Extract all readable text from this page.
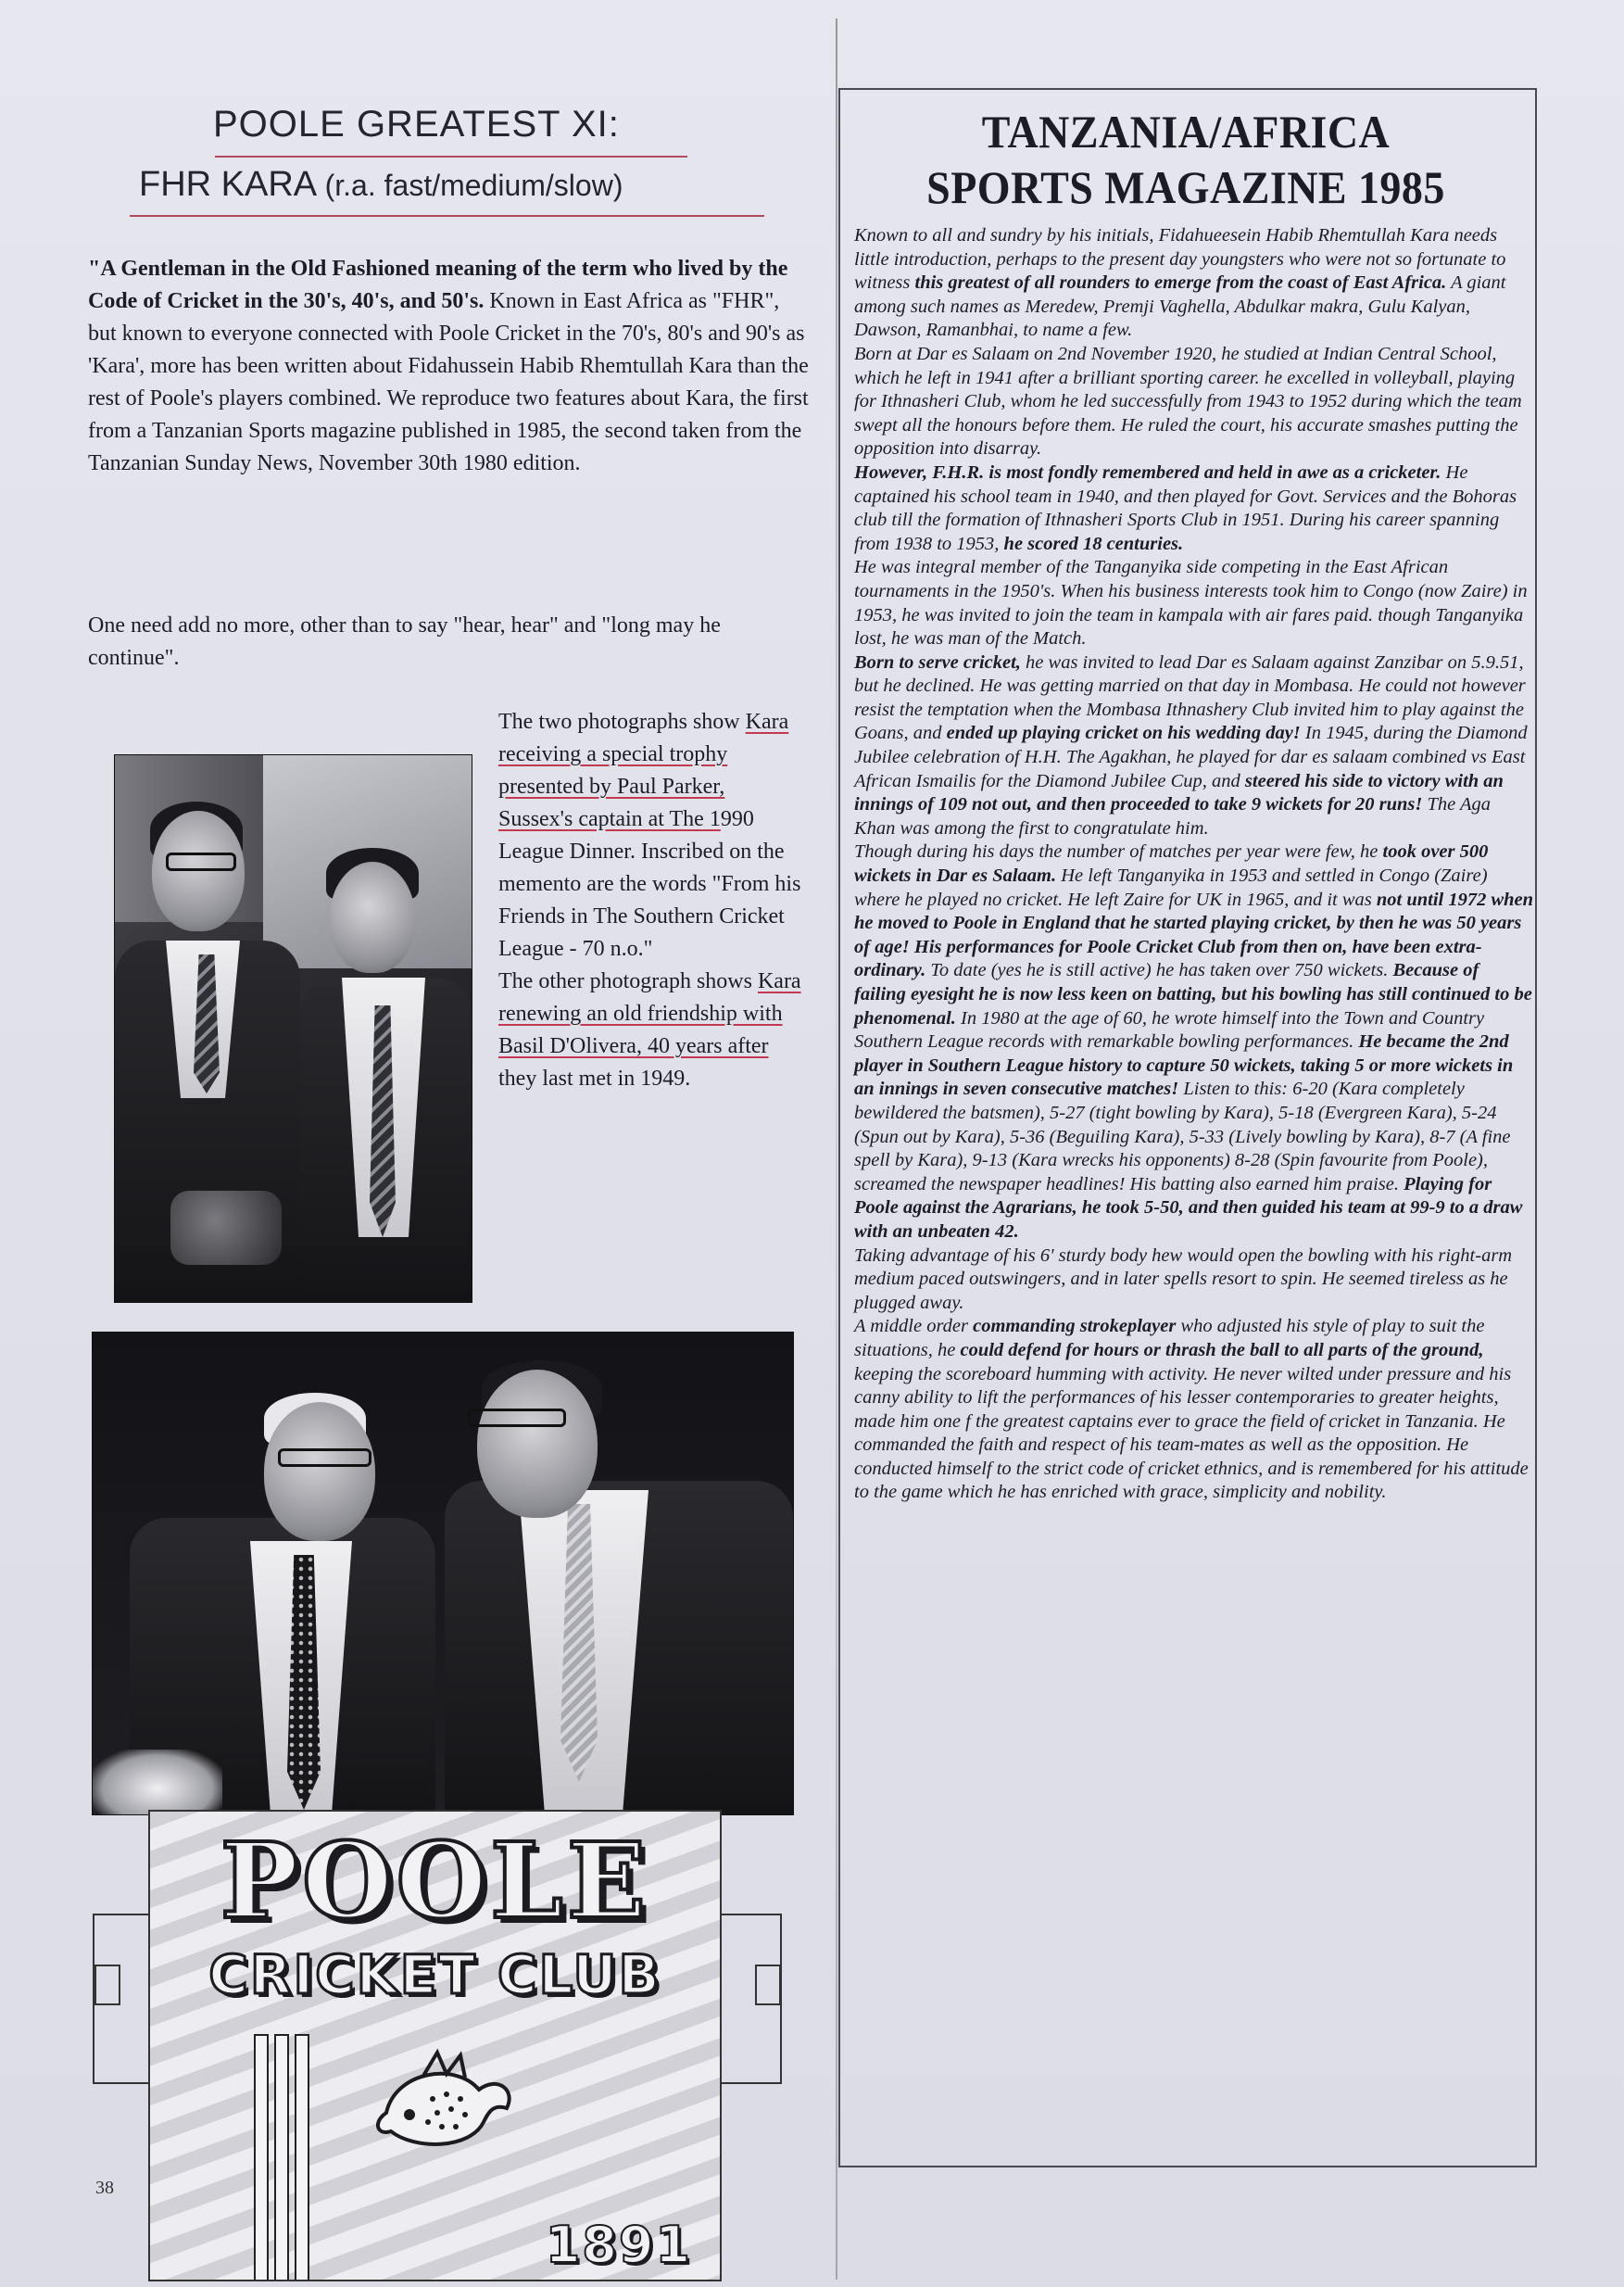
POOLE GREATEST XI:
FHR KARA (r.a. fast/medium/slow)
"A Gentleman in the Old Fashioned meaning of the term who lived by the Code of Cricket in the 30's, 40's, and 50's. Known in East Africa as "FHR", but known to everyone connected with Poole Cricket in the 70's, 80's and 90's as 'Kara', more has been written about Fidahussein Habib Rhemtullah Kara than the rest of Poole's players combined. We reproduce two features about Kara, the first from a Tanzanian Sports magazine published in 1985, the second taken from the Tanzanian Sunday News, November 30th 1980 edition.
One need add no more, other than to say "hear, hear" and "long may he continue".
The two photographs show Kara receiving a special trophy presented by Paul Parker, Sussex's captain at The 1990 League Dinner. Inscribed on the memento are the words "From his Friends in The Southern Cricket League - 70 n.o."
The other photograph shows Kara renewing an old friendship with Basil D'Olivera, 40 years after they last met in 1949.
POOLE
CRICKET CLUB
1891
38
TANZANIA/AFRICA
SPORTS MAGAZINE 1985

Known to all and sundry by his initials, Fidahueesein Habib Rhemtullah Kara needs little introduction, perhaps to the present day youngsters who were not so fortunate to witness this greatest of all rounders to emerge from the coast of East Africa. A giant among such names as Meredew, Premji Vaghella, Abdulkar makra, Gulu Kalyan, Dawson, Ramanbhai, to name a few.

Born at Dar es Salaam on 2nd November 1920, he studied at Indian Central School, which he left in 1941 after a brilliant sporting career. he excelled in volleyball, playing for Ithnasheri Club, whom he led successfully from 1943 to 1952 during which the team swept all the honours before them. He ruled the court, his accurate smashes putting the opposition into disarray.

However, F.H.R. is most fondly remembered and held in awe as a cricketer. He captained his school team in 1940, and then played for Govt. Services and the Bohoras club till the formation of Ithnasheri Sports Club in 1951. During his career spanning from 1938 to 1953, he scored 18 centuries.

He was integral member of the Tanganyika side competing in the East African tournaments in the 1950's. When his business interests took him to Congo (now Zaire) in 1953, he was invited to join the team in kampala with air fares paid. though Tanganyika lost, he was man of the Match.

Born to serve cricket, he was invited to lead Dar es Salaam against Zanzibar on 5.9.51, but he declined. He was getting married on that day in Mombasa. He could not however resist the temptation when the Mombasa Ithnashery Club invited him to play against the Goans, and ended up playing cricket on his wedding day! In 1945, during the Diamond Jubilee celebration of H.H. The Agakhan, he played for dar es salaam combined vs East African Ismailis for the Diamond Jubilee Cup, and steered his side to victory with an innings of 109 not out, and then proceeded to take 9 wickets for 20 runs! The Aga Khan was among the first to congratulate him.

Though during his days the number of matches per year were few, he took over 500 wickets in Dar es Salaam. He left Tanganyika in 1953 and settled in Congo (Zaire) where he played no cricket. He left Zaire for UK in 1965, and it was not until 1972 when he moved to Poole in England that he started playing cricket, by then he was 50 years of age! His performances for Poole Cricket Club from then on, have been extra-ordinary. To date (yes he is still active) he has taken over 750 wickets. Because of failing eyesight he is now less keen on batting, but his bowling has still continued to be phenomenal. In 1980 at the age of 60, he wrote himself into the Town and Country Southern League records with remarkable bowling performances. He became the 2nd player in Southern League history to capture 50 wickets, taking 5 or more wickets in an innings in seven consecutive matches! Listen to this: 6-20 (Kara completely bewildered the batsmen), 5-27 (tight bowling by Kara), 5-18 (Evergreen Kara), 5-24 (Spun out by Kara), 5-36 (Beguiling Kara), 5-33 (Lively bowling by Kara), 8-7 (A fine spell by Kara), 9-13 (Kara wrecks his opponents) 8-28 (Spin favourite from Poole), screamed the newspaper headlines! His batting also earned him praise. Playing for Poole against the Agrarians, he took 5-50, and then guided his team at 99-9 to a draw with an unbeaten 42.

Taking advantage of his 6' sturdy body hew would open the bowling with his right-arm medium paced outswingers, and in later spells resort to spin. He seemed tireless as he plugged away.

A middle order commanding strokeplayer who adjusted his style of play to suit the situations, he could defend for hours or thrash the ball to all parts of the ground, keeping the scoreboard humming with activity. He never wilted under pressure and his canny ability to lift the performances of his lesser contemporaries to greater heights, made him one f the greatest captains ever to grace the field of cricket in Tanzania. He commanded the faith and respect of his team-mates as well as the opposition. He conducted himself to the strict code of cricket ethnics, and is remembered for his attitude to the game which he has enriched with grace, simplicity and nobility.
